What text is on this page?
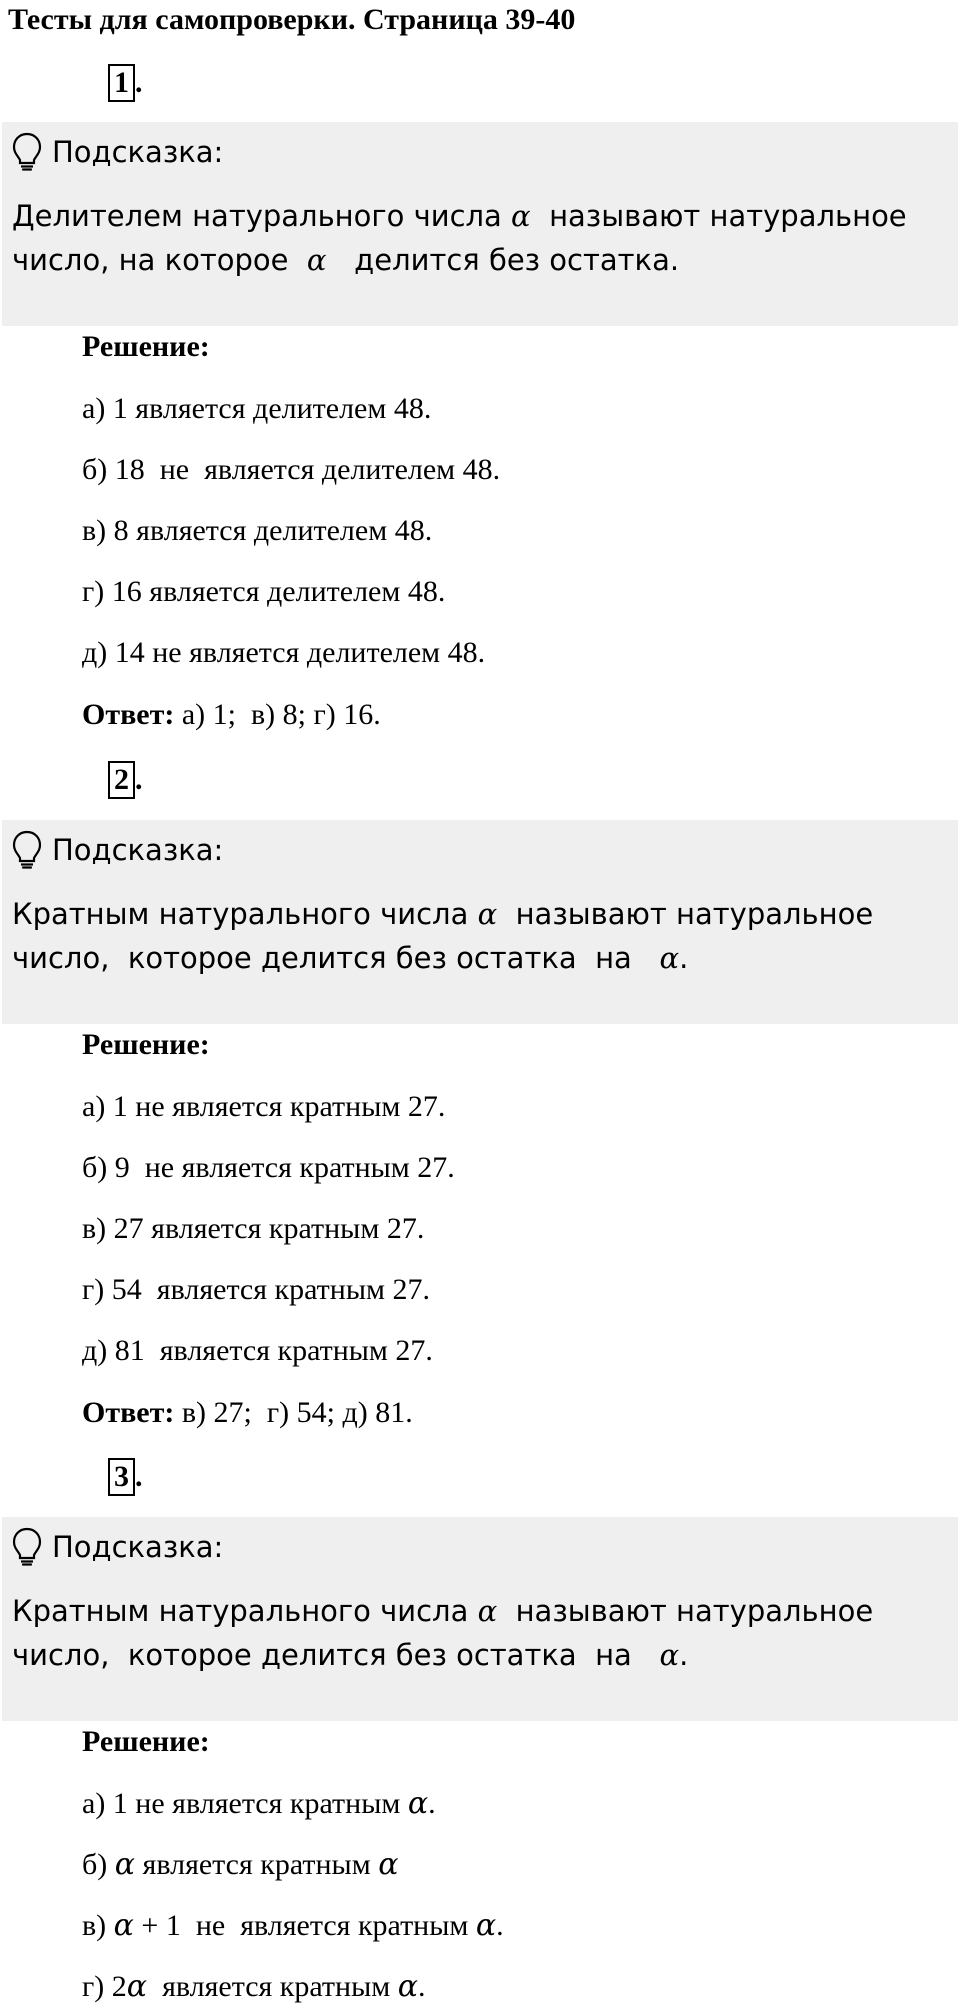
Тесты для самопроверки. Страница 39-40
1 .
Подсказка:
Делителем натурального числа α  называют натуральное
число, на которое  α   делится без остатка.
Решение:
а) 1 является делителем 48.
б) 18  не  является делителем 48.
в) 8 является делителем 48.
г) 16 является делителем 48.
д) 14 не является делителем 48.
Ответ: а) 1;  в) 8; г) 16.
2 .
Подсказка:
Кратным натурального числа α  называют натуральное
число,  которое делится без остатка  на   α.
Решение:
а) 1 не является кратным 27.
б) 9  не является кратным 27.
в) 27 является кратным 27.
г) 54  является кратным 27.
д) 81  является кратным 27.
Ответ: в) 27;  г) 54; д) 81.
3 .
Подсказка:
Кратным натурального числа α  называют натуральное
число,  которое делится без остатка  на   α.
Решение:
а) 1 не является кратным α.
б) α является кратным α
в) α + 1  не  является кратным α.
г) 2α  является кратным α.
